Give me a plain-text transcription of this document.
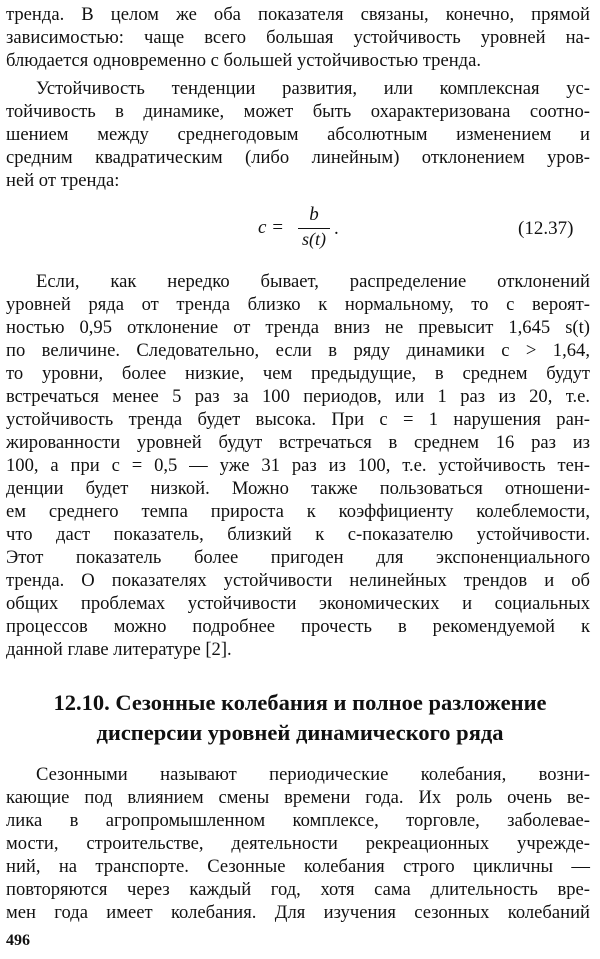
тренда. В целом же оба показателя связаны, конечно, прямой
зависимостью: чаще всего большая устойчивость уровней на-
блюдается одновременно с большей устойчивостью тренда.
Устойчивость тенденции развития, или комплексная ус-
тойчивость в динамике, может быть охарактеризована соотно-
шением между среднегодовым абсолютным изменением и
средним квадратическим (либо линейным) отклонением уров-
ней от тренда:
c =
b
s(t) .	(12.37)
Если, как нередко бывает, распределение отклонений
уровней ряда от тренда близко к нормальному, то с вероят-
ностью 0,95 отклонение от тренда вниз не превысит 1,645 s(t)
по величине. Следовательно, если в ряду динамики c > 1,64,
то уровни, более низкие, чем предыдущие, в среднем будут
встречаться менее 5 раз за 100 периодов, или 1 раз из 20, т.е.
устойчивость тренда будет высока. При c = 1 нарушения ран-
жированности уровней будут встречаться в среднем 16 раз из
100, а при c = 0,5 — уже 31 раз из 100, т.е. устойчивость тен-
денции будет низкой. Можно также пользоваться отношени-
ем среднего темпа прироста к коэффициенту колеблемости,
что даст показатель, близкий к c-показателю устойчивости.
Этот показатель более пригоден для экспоненциального
тренда. О показателях устойчивости нелинейных трендов и об
общих проблемах устойчивости экономических и социальных
процессов можно подробнее прочесть в рекомендуемой к
данной главе литературе [2].
12.10. Сезонные колебания и полное разложение
дисперсии уровней динамического ряда
Сезонными называют периодические колебания, возни-
кающие под влиянием смены времени года. Их роль очень ве-
лика в агропромышленном комплексе, торговле, заболевае-
мости, строительстве, деятельности рекреационных учрежде-
ний, на транспорте. Сезонные колебания строго цикличны —
повторяются через каждый год, хотя сама длительность вре-
мен года имеет колебания. Для изучения сезонных колебаний
496
